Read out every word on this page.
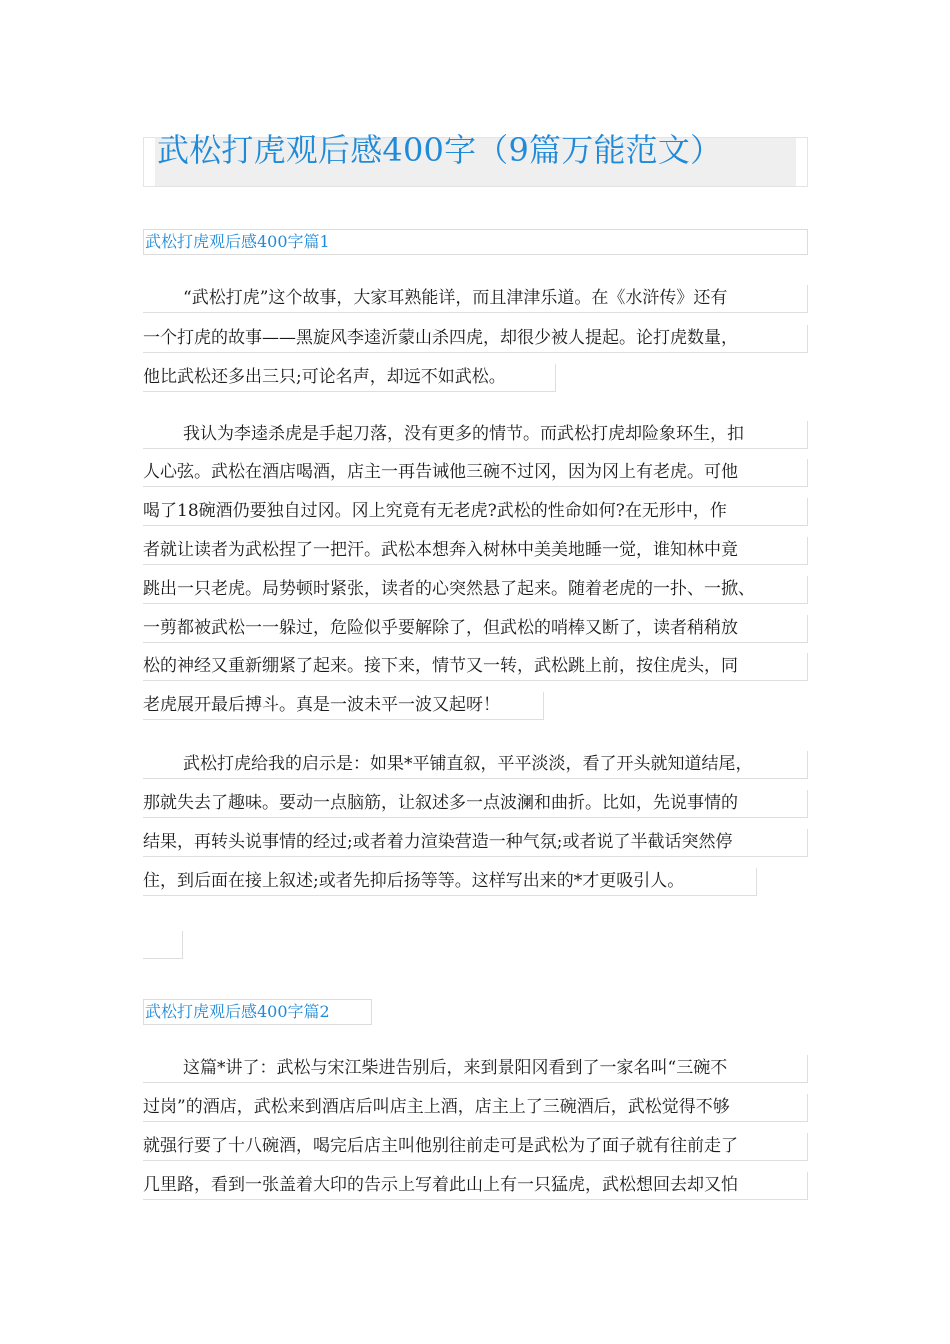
武松打虎观后感400字（9篇万能范文）
武松打虎观后感400字篇1
“武松打虎”这个故事，大家耳熟能详，而且津津乐道。在《水浒传》还有
一个打虎的故事——黑旋风李逵沂蒙山杀四虎，却很少被人提起。论打虎数量，
他比武松还多出三只;可论名声，却远不如武松。
我认为李逵杀虎是手起刀落，没有更多的情节。而武松打虎却险象环生，扣
人心弦。武松在酒店喝酒，店主一再告诫他三碗不过冈，因为冈上有老虎。可他
喝了18碗酒仍要独自过冈。冈上究竟有无老虎?武松的性命如何?在无形中，作
者就让读者为武松捏了一把汗。武松本想奔入树林中美美地睡一觉，谁知林中竟
跳出一只老虎。局势顿时紧张，读者的心突然悬了起来。随着老虎的一扑、一掀、
一剪都被武松一一躲过，危险似乎要解除了，但武松的哨棒又断了，读者稍稍放
松的神经又重新绷紧了起来。接下来，情节又一转，武松跳上前，按住虎头，同
老虎展开最后搏斗。真是一波未平一波又起呀！
武松打虎给我的启示是：如果*平铺直叙，平平淡淡，看了开头就知道结尾，
那就失去了趣味。要动一点脑筋，让叙述多一点波澜和曲折。比如，先说事情的
结果，再转头说事情的经过;或者着力渲染营造一种气氛;或者说了半截话突然停
住，到后面在接上叙述;或者先抑后扬等等。这样写出来的*才更吸引人。
武松打虎观后感400字篇2
这篇*讲了：武松与宋江柴进告别后，来到景阳冈看到了一家名叫“三碗不
过岗”的酒店，武松来到酒店后叫店主上酒，店主上了三碗酒后，武松觉得不够
就强行要了十八碗酒，喝完后店主叫他别往前走可是武松为了面子就有往前走了
几里路，看到一张盖着大印的告示上写着此山上有一只猛虎，武松想回去却又怕
